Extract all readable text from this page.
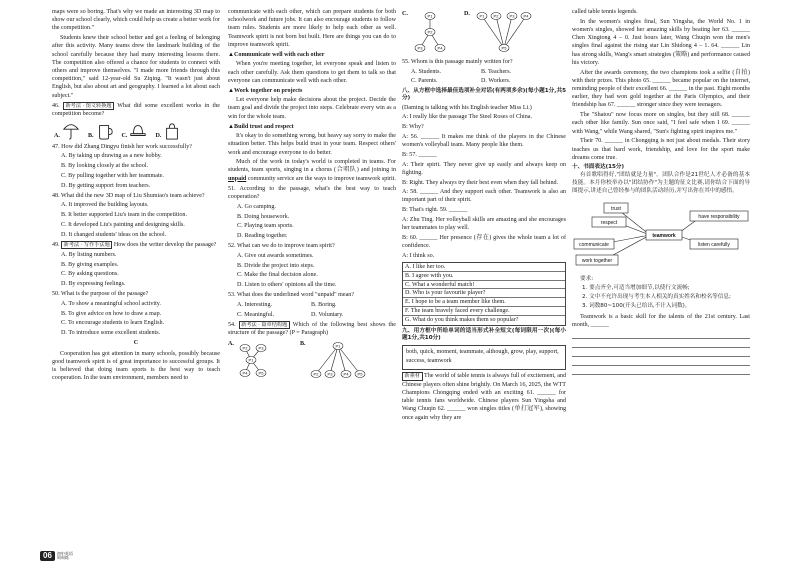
maps were so boring. That's why we made an interesting 3D map to show our school clearly, which could help us create a better work for the competition."

Students knew their school better and got a feeling of belonging after this activity. Many teams drew the landmark building of the school carefully because they had many interesting lessons there. The competition also offered a chance for students to connect with others and improve themselves. "I made more friends through this competition," said 12-year-old Su Ziqing. "It wasn't just about English, but also about art and geography. I learned a lot about each subject."

46. 新考法 · 图文转换题 What did some excellent works in the competition become?

A.	B.	C.	D.

47. How did Zhang Dingyu finish her work successfully?

A. By taking up drawing as a new hobby.

B. By looking closely at the school.

C. By pulling together with her teammate.

D. By getting support from teachers.

48. What did the new 3D map of Liu Shumiao's team achieve?

A. It improved the building layouts.

B. It better supported Liu's team in the competition.

C. It developed Liu's painting and designing skills.

D. It changed students' ideas on the school.

49. 新考法 · 写作手法题 How does the writer develop the passage?

A. By listing numbers.

B. By giving examples.

C. By asking questions.

D. By expressing feelings.

50. What is the purpose of the passage?

A. To show a meaningful school activity.

B. To give advice on how to draw a map.

C. To encourage students to learn English.

D. To introduce some excellent students.

C

Cooperation has got attention in many schools, possibly because good teamwork spirit is of great importance to successful groups. It is believed that doing team sports is the best way to teach cooperation. In the team environment, members need to

communicate with each other, which can prepare students for both schoolwork and future jobs. It can also encourage students to follow team rules. Students are more likely to help each other as well. Teamwork spirit is not born but built. Here are things you can do to improve teamwork spirit.

▲Communicate well with each other

When you're meeting together, let everyone speak and listen to each other carefully. Ask them questions to get them to talk so that everyone can communicate well with each other.

▲Work together on projects

Let everyone help make decisions about the project. Decide the team goal and divide the project into steps. Celebrate every win as a win for the whole team.

▲Build trust and respect

It's okay to do something wrong, but heavy say sorry to make the situation better. This helps build trust in your team. Respect others' work and encourage everyone to do better.

Much of the work in today's world is completed in teams. For students, team sports, singing in a chorus (合唱队) and joining in unpaid community service are the ways to improve teamwork spirit.

51. According to the passage, what's the best way to teach cooperation?

A. Go camping.

B. Doing housework.

C. Playing team sports.

D. Reading together.

52. What can we do to improve team spirit?

A. Give out awards sometimes.

B. Divide the project into steps.

C. Make the final decision alone.

D. Listen to others' opinions all the time.

53. What does the underlined word "unpaid" mean?

A. Interesting.	B. Boring.

C. Meaningful.	D. Voluntary.

54. 新考法 · 篇章结构题 Which of the following best shows the structure of the passage? (P = Paragraph)

A.
P1
P2	P3
P4	P5
B.	P1
P2 P3	P4 P5
C.	P1
P2
P3	P4
D. P1 P2	P3 P4
P5

55. Whom is this passage mainly written for?

A. Students.	B. Teachers.

C. Parents.	D. Workers.

八、从方框中选择最佳选项补全对话(有两项多余)(每小题1分,共5分)

(Daming is talking with his English teacher Miss Li.)

A: I really like the passage The Steel Roses of China.

B: Why?

A: 56. ______ It makes me think of the players in the Chinese women's volleyball team. Many people like them.

B: 57. ______

A: Their spirit. They never give up easily and always keep on fighting.

B: Right. They always try their best even when they fall behind.

A: 58. ______ And they support each other. Teamwork is also an important part of their spirit.

B: That's right. 59. ______

A: Zhu Ting. Her volleyball skills are amazing and she encourages her teammates to play well.

B: 60. ______ Her presence (存在) gives the whole team a lot of confidence.

A: I think so.

A. I like her too.
B. I agree with you.
C. What a wonderful match!
D. Who is your favourite player?
E. I hope to be a team member like them.
F. The team bravely faced every challenge.
G. What do you think makes them so popular?

九、用方框中所给单词的适当形式补全短文(每词限用一次)(每小题1分,共10分)

both, quick, moment, teammate, although, grow, play, support, success, teamwork

新素材 The world of table tennis is always full of excitement, and Chinese players often shine brightly. On March 16, 2025, the WTT Champions Chongqing ended with an exciting 61. ______ for table tennis fans worldwide. Chinese players Sun Yingsha and Wang Chuqin 62. ______ won singles titles (单打冠军), showing once again why they are

called table tennis legends.

In the women's singles final, Sun Yingsha, the World No. 1 in women's singles, showed her amazing skills by beating her 63. ______ Chen Xingtong 4 – 0. Just hours later, Wang Chuqin won the men's singles final against the rising star Lin Shidong 4 – 1. 64. ______ Lin has strong skills, Wang's smart strategies (策略) and performance caused his victory.

After the awards ceremony, the two champions took a selfie (自拍) with their prizes. This photo 65. ______ became popular on the internet, reminding people of their excellent 66. ______ in the past. Eight months earlier, they had won gold together at the Paris Olympics, and their friendship has 67. ______ stronger since they were teenagers.

The "Shatou" now focus more on singles, but they still 68. ______ each other like family. Sun once said, "I feel safe when I 69. ______ with Wang," while Wang shared, "Sun's fighting spirit inspires me."

Their 70. ______ in Chongqing is not just about medals. Their story teaches us that hard work, friendship, and love for the sport make dreams come true.

十、书面表达(15分)

有首歌唱得好,"团结就是力量"。团队合作是21世纪人才必备的基本技能。本月你校举办以"团结协作"为主题的征文比赛,请你结合下面的导图提示,讲述自己曾经参与的团队活动经历,并写出你在其中的感悟。

teamwork
trust
respect
communicate
work together
have responsibility
listen carefully

要求:

1. 要点齐全,可适当增加细节,以使行文流畅;

2. 文中不允许出现与考生本人相关的真实姓名和校名等信息;

3. 词数80~100(开头已给出,不计入词数)。

Teamwork is a basic skill for the talents of the 21st century. Last month, ______

06	初中英语
周周练
